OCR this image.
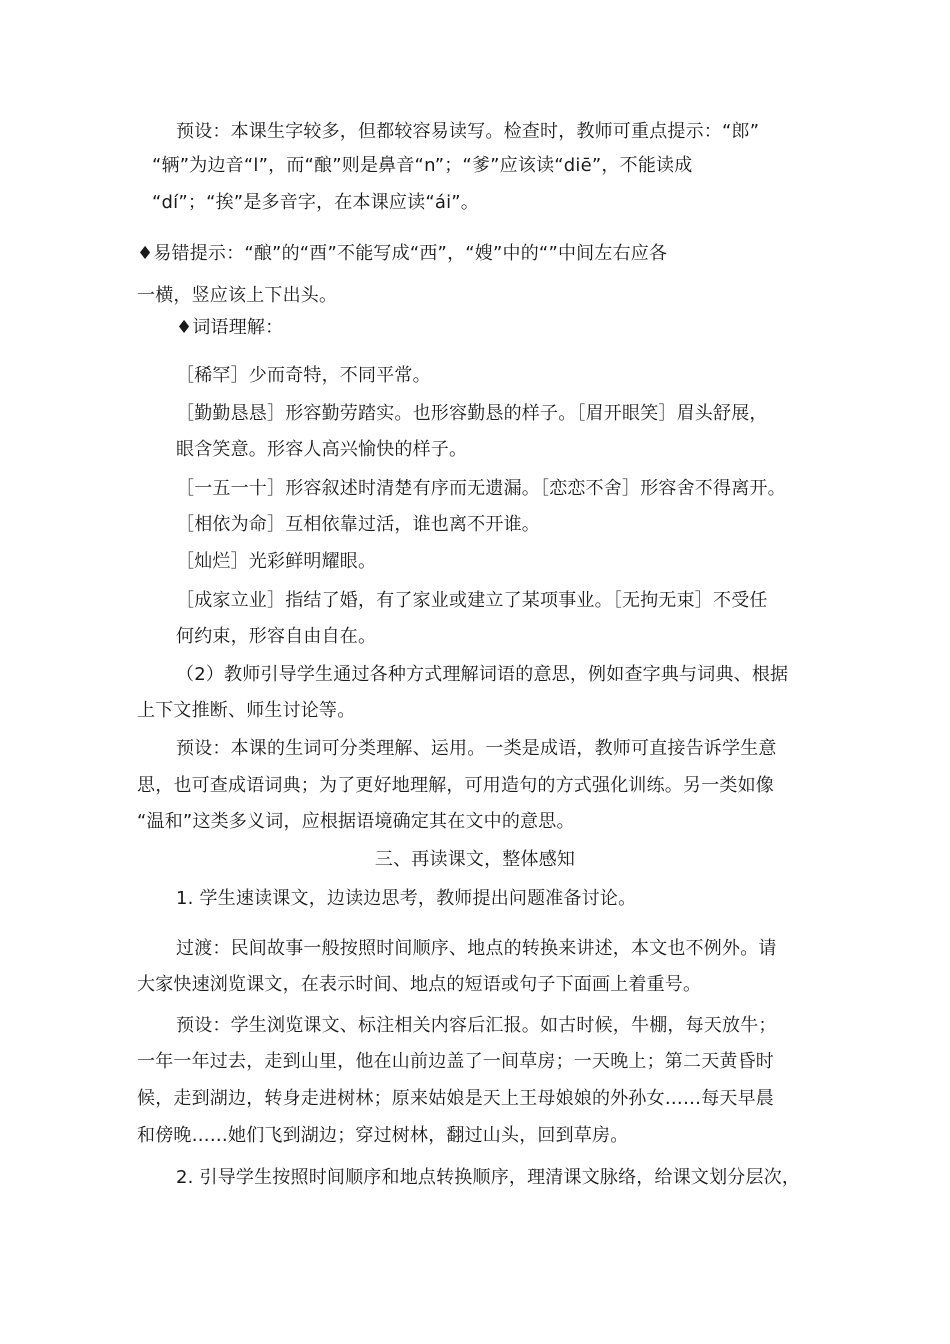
预设：本课生字较多，但都较容易读写。检查时，教师可重点提示：“郎”
“辆”为边音“l”，而“酿”则是鼻音“n”；“爹”应该读“diē”，不能读成
“dí”；“挨”是多音字，在本课应读“ái”。
♦易错提示：“酿”的“酉”不能写成“西”，“嫂”中的“”中间左右应各
一横，竖应该上下出头。
♦词语理解：
［稀罕］少而奇特，不同平常。
［勤勤恳恳］形容勤劳踏实。也形容勤恳的样子。［眉开眼笑］眉头舒展，
眼含笑意。形容人高兴愉快的样子。
［一五一十］形容叙述时清楚有序而无遗漏。［恋恋不舍］形容舍不得离开。
［相依为命］互相依靠过活，谁也离不开谁。
［灿烂］光彩鲜明耀眼。
［成家立业］指结了婚，有了家业或建立了某项事业。［无拘无束］不受任
何约束，形容自由自在。
（2）教师引导学生通过各种方式理解词语的意思，例如查字典与词典、根据
上下文推断、师生讨论等。
预设：本课的生词可分类理解、运用。一类是成语，教师可直接告诉学生意
思，也可查成语词典；为了更好地理解，可用造句的方式强化训练。另一类如像
“温和”这类多义词，应根据语境确定其在文中的意思。
三、再读课文，整体感知
1. 学生速读课文，边读边思考，教师提出问题准备讨论。
过渡：民间故事一般按照时间顺序、地点的转换来讲述，本文也不例外。请
大家快速浏览课文，在表示时间、地点的短语或句子下面画上着重号。
预设：学生浏览课文、标注相关内容后汇报。如古时候，牛棚，每天放牛；
一年一年过去，走到山里，他在山前边盖了一间草房；一天晚上；第二天黄昏时
候，走到湖边，转身走进树林；原来姑娘是天上王母娘娘的外孙女……每天早晨
和傍晚……她们飞到湖边；穿过树林，翻过山头，回到草房。
2. 引导学生按照时间顺序和地点转换顺序，理清课文脉络，给课文划分层次，
